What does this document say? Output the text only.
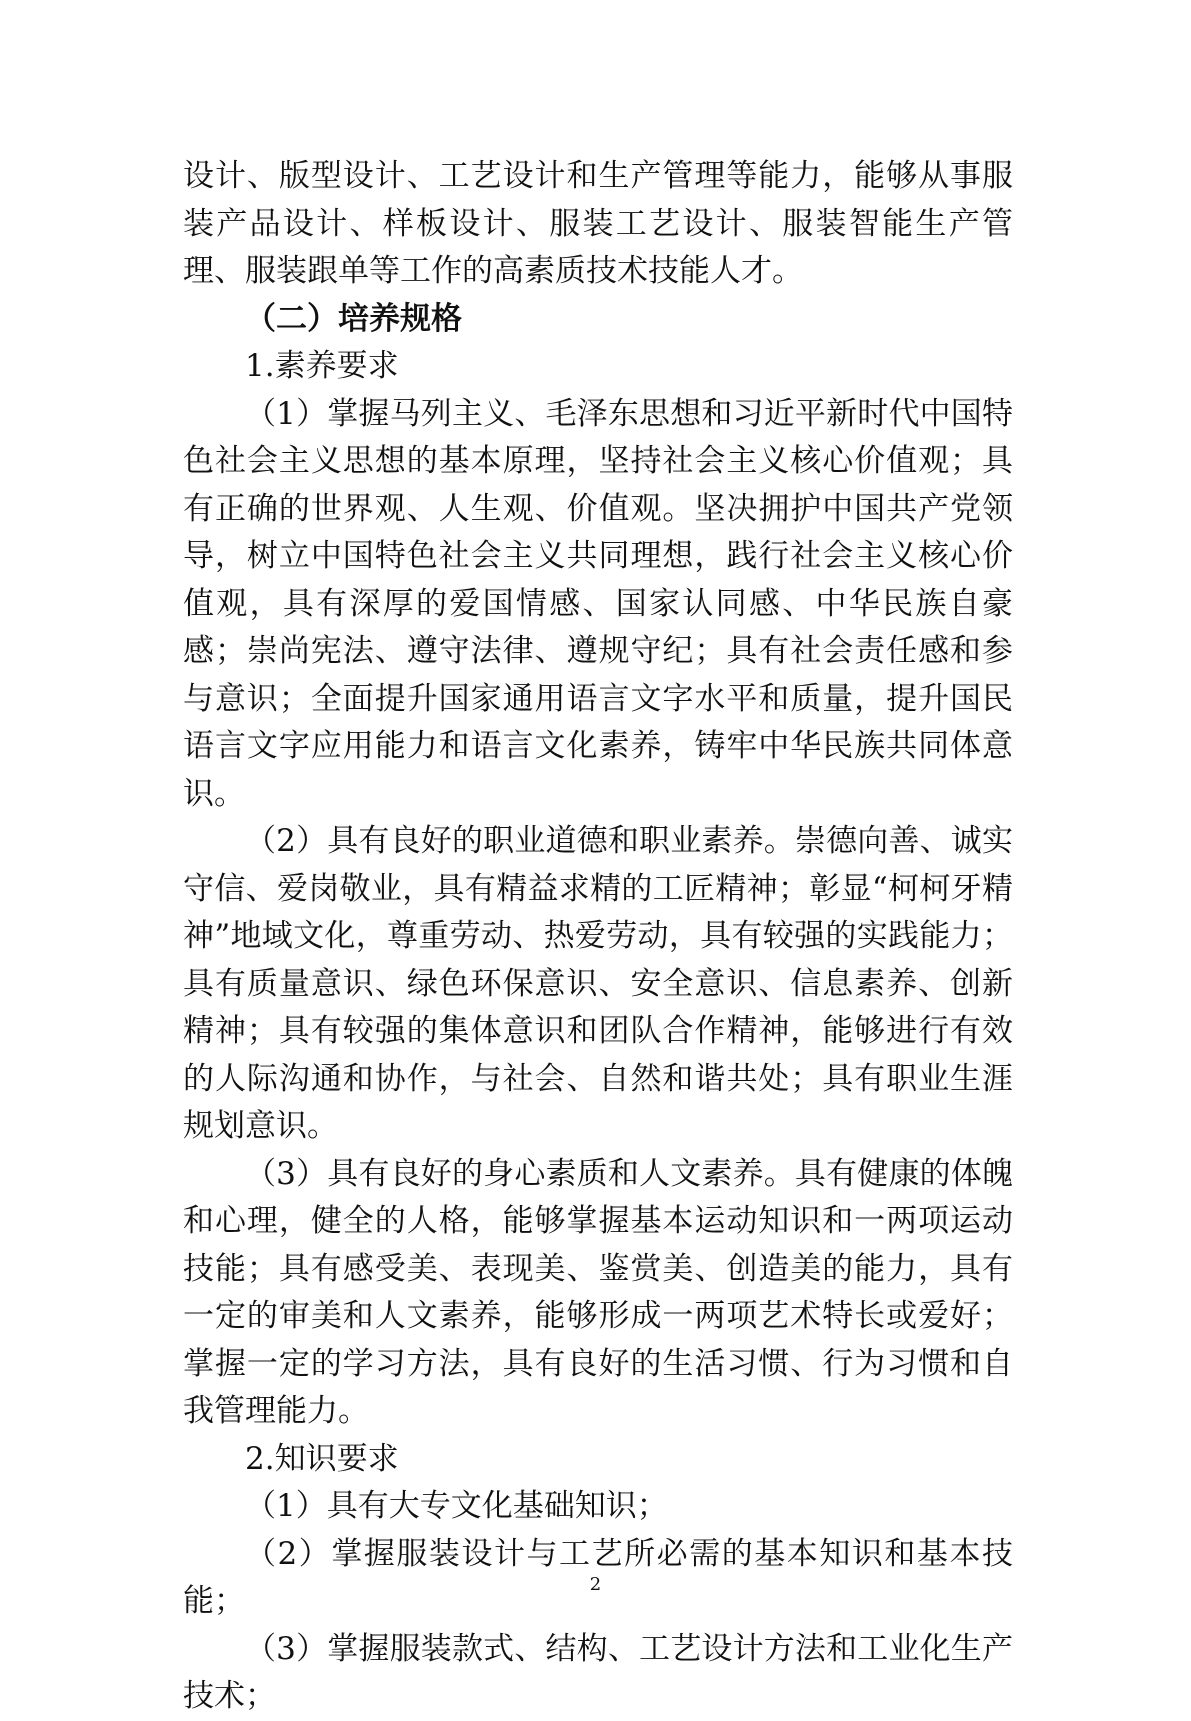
设计、版型设计、工艺设计和生产管理等能力，能够从事服装产品设计、样板设计、服装工艺设计、服装智能生产管理、服装跟单等工作的高素质技术技能人才。

（二）培养规格

1.素养要求

（1）掌握马列主义、毛泽东思想和习近平新时代中国特色社会主义思想的基本原理，坚持社会主义核心价值观；具有正确的世界观、人生观、价值观。坚决拥护中国共产党领导，树立中国特色社会主义共同理想，践行社会主义核心价值观，具有深厚的爱国情感、国家认同感、中华民族自豪感；崇尚宪法、遵守法律、遵规守纪；具有社会责任感和参与意识；全面提升国家通用语言文字水平和质量，提升国民语言文字应用能力和语言文化素养，铸牢中华民族共同体意识。

（2）具有良好的职业道德和职业素养。崇德向善、诚实守信、爱岗敬业，具有精益求精的工匠精神；彰显“柯柯牙精神”地域文化，尊重劳动、热爱劳动，具有较强的实践能力；具有质量意识、绿色环保意识、安全意识、信息素养、创新精神；具有较强的集体意识和团队合作精神，能够进行有效的人际沟通和协作，与社会、自然和谐共处；具有职业生涯规划意识。

（3）具有良好的身心素质和人文素养。具有健康的体魄和心理，健全的人格，能够掌握基本运动知识和一两项运动技能；具有感受美、表现美、鉴赏美、创造美的能力，具有一定的审美和人文素养，能够形成一两项艺术特长或爱好；掌握一定的学习方法，具有良好的生活习惯、行为习惯和自我管理能力。

2.知识要求

（1）具有大专文化基础知识；

（2）掌握服装设计与工艺所必需的基本知识和基本技能；

（3）掌握服装款式、结构、工艺设计方法和工业化生产技术；

2
